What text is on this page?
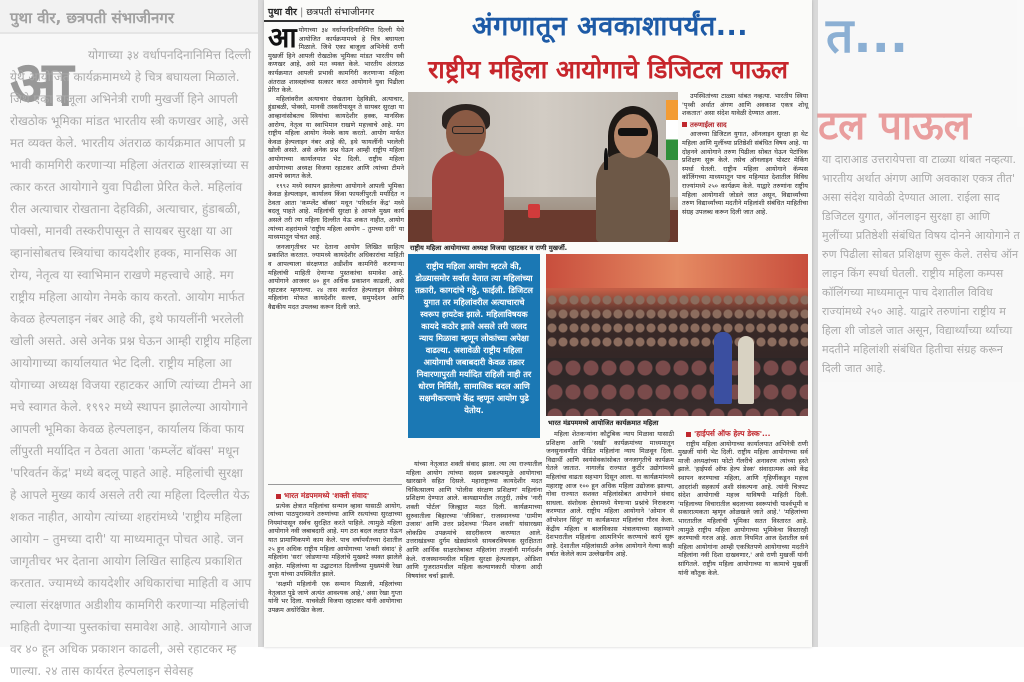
पुथा वीर, छत्रपती संभाजीनगर
आ	योगाच्या ३४ वर्धापनदिनानिमित्त दिल्ली येथे आयोजित कार्यक्रमामध्ये हे चित्र बघायला मिळाले. जिथे एका बाजूला अभिनेत्री राणी मुखर्जी हिने आपली रोखठोक भूमिका मांडत भारतीय स्त्री कणखर आहे, असे मत व्यक्त केले. भारतीय अंतराळ कार्यक्रमात आपली प्रभावी कामगिरी करणाऱ्या महिला अंतराळ शास्त्रज्ञांच्या सत्कार करत आयोगाने युवा पिढीला प्रेरित केले. महिलांवरील अत्याचार रोखताना देहविक्री, अत्याचार, हुंडाबळी, पोक्सो, मानवी तस्करीपासून ते सायबर सुरक्षा या आव्हानांसोबतच स्त्रियांचा कायदेशीर हक्क, मानसिक आरोग्य, नेतृत्व या स्वाभिमान राखणे महत्त्वाचे आहे. मग राष्ट्रीय महिला आयोग नेमके काय करतो. आयोग मार्फत केवळ हेल्पलाइन नंबर आहे की, इथे फायलींनी भरलेली खोली असते. असे अनेक प्रश्न घेऊन आम्ही राष्ट्रीय महिला आयोगाच्या कार्यालयात भेट दिली. राष्ट्रीय महिला आयोगाच्या अध्यक्ष विजया रहाटकर आणि त्यांच्या टीमने आमचे स्वागत केले. १९९२ मध्ये स्थापन झालेल्या आयोगाने आपली भूमिका केवळ हेल्पलाइन, कार्यालय किंवा फायलींपुरती मर्यादित न ठेवता आता 'कम्प्लेंट बॉक्स' मधून 'परिवर्तन केंद्र' मध्ये बदलू पाहते आहे. महिलांची सुरक्षा हे आपले मुख्य कार्य असले तरी त्या महिला दिल्लीत येऊ शकत नाहीत, आयोग त्यांच्या शहरांमध्ये 'राष्ट्रीय महिला आयोग – तुमच्या दारी' या माध्यमातून पोचत आहे. जनजागृतीचर भर देताना आयोग लिखित साहित्य प्रकाशित करतात. ज्यामध्ये कायदेशीर अधिकारांचा माहिती व आपल्याला संरक्षणात अडीशीय कामगिरी करणाऱ्या महिलांची माहिती देणाऱ्या पुस्तकांचा समावेश आहे. आयोगाने आजवर ४० हून अधिक प्रकाशन काढली, असे रहाटकर म्हणाल्या. २४ तास कार्यरत हेल्पलाइन सेवेसह
त...
टल पाऊल
या दाराआड उत्तरायेपत्ता वा टाळ्या थांबत नव्हत्या. भारतीय अर्थात अंगण आणि अवकाश एकत्र तीत' असा संदेश यावेळी देण्यात आला. राईला साद डिजिटल युगात, ऑनलाइन सुरक्षा हा आणि मुलींच्या प्रतिष्ठेशी संबंधित विषय दोनने आयोगाने तरुण पिढीला सोबत प्रशिक्षण सुरू केले. तसेच ऑनलाइन किंग स्पर्धा घेतली. राष्ट्रीय महिला कम्पस कॉलिंगच्या माध्यमातून पाच देशातील विविध राज्यांमध्ये २५० आहे. याद्वारे तरुणांना राष्ट्रीय महिला शी जोडले जात असून, विद्यार्थ्यांच्या र्थ्यांच्या मदतीने महिलांशी संबंधित हितीचा संग्रह करून दिली जात आहे.
पुथा वीर | छत्रपती संभाजीनगर
आयोगाच्या ३४ वर्धापनदिनानिमित्त दिल्ली येथे आयोजित कार्यक्रमामध्ये हे चित्र बघायला मिळाले. जिथे एका बाजूला अभिनेत्री राणी मुखर्जी हिने आपली रोखठोक भूमिका मांडत भारतीय स्त्री कणखर आहे, असे मत व्यक्त केले. भारतीय अंतराळ कार्यक्रमात आपली प्रभावी कामगिरी करणाऱ्या महिला अंतराळ शास्त्रज्ञांच्या सत्कार करत आयोगाने युवा पिढीला प्रेरित केले.

महिलांवरील अत्याचार रोखताना देहविक्री, अत्याचार, हुंडाबळी, पोक्सो, मानवी तस्करीपासून ते सायबर सुरक्षा या आव्हानांसोबतच स्त्रियांचा कायदेशीर हक्क, मानसिक आरोग्य, नेतृत्व या स्वाभिमान राखणे महत्त्वाचे आहे. मग राष्ट्रीय महिला आयोग नेमके काय करतो. आयोग मार्फत केवळ हेल्पलाइन नंबर आहे की, इथे फायलींनी भरलेली खोली असते. असे अनेक प्रश्न घेऊन आम्ही राष्ट्रीय महिला आयोगाच्या कार्यालयात भेट दिली. राष्ट्रीय महिला आयोगाच्या अध्यक्ष विजया रहाटकर आणि त्यांच्या टीमने आमचे स्वागत केले.

१९९२ मध्ये स्थापन झालेल्या आयोगाने आपली भूमिका केवळ हेल्पलाइन, कार्यालय किंवा फायलींपुरती मर्यादित न ठेवता आता 'कम्प्लेंट बॉक्स' मधून 'परिवर्तन केंद्र' मध्ये बदलू पाहते आहे. महिलांची सुरक्षा हे आपले मुख्य कार्य असले तरी त्या महिला दिल्लीत येऊ शकत नाहीत, आयोग त्यांच्या शहरांमध्ये 'राष्ट्रीय महिला आयोग – तुमच्या दारी' या माध्यमातून पोचत आहे.

जनजागृतीचर भर देताना आयोग लिखित साहित्य प्रकाशित करतात. ज्यामध्ये कायदेशीर अधिकारांचा माहिती व आपल्याला संरक्षणात अडीशीय कामगिरी करणाऱ्या महिलांची माहिती देणाऱ्या पुस्तकांचा समावेश आहे. आयोगाने आजवर ४० हून अधिक प्रकाशन काढली, असे रहाटकर म्हणाल्या. २४ तास कार्यरत हेल्पलाइन सेवेसह महिलांना मोफत कायदेशीर सल्ला, समुपदेशन आणि वैद्यकीय मदत उपलब्ध करून दिली जाते.

अंगणातून अवकाशापर्यंत...
राष्ट्रीय महिला आयोगाचे डिजिटल पाऊल
राष्ट्रीय महिला आयोगाच्या अध्यक्ष विजया रहाटकर व राणी मुखर्जी.

उपस्थितांच्या टाळ्या थांबत नव्हत्या. भारतीय स्त्रिया 'पृथ्वी अर्थात अंगण आणि अवकाश एकत्र शोधू शकतात' असा संदेश यावेळी देण्यात आला.

तरुणाईला साद

आजच्या डिजिटल युगात, ऑनलाइन सुरक्षा हा थेट महिला आणि मुलींच्या प्रतिष्ठेशी संबंधित विषय आहे. या दोहनने आयोगाने तरुण पिढीला सोबत घेऊन पेटांत्रिक प्रशिक्षण सुरू केले. तसेच ऑनलाइन पोस्टर मेकिंग स्पर्धा घेतली. राष्ट्रीय महिला आयोगाने कॅम्पस कॉलिंगच्या माध्यमातून पाच महिन्यात देशातील विविध राज्यांमध्ये २५० कार्यक्रम केले. याद्वारे तरुणांना राष्ट्रीय महिला आयोगाशी जोडले जात असून, विद्यार्थ्यांच्या तरुण विद्यार्थ्यांच्या मदतीने महिलांशी संबंधित माहितीचा संग्रह उपलब्ध करून दिली जात आहे.

राष्ट्रीय महिला आयोग म्हटले की, डोळ्यासमोर सर्वात येतात त्या महिलांच्या तक्रारी, कागदांचे गठ्ठे, फाईली. डिजिटल युगात तर महिलांवरील अत्याचाराचे स्वरूप हायटेक झाले. महिलाविषयक कायदे कठोर झाले असले तरी जलद न्याय मिळावा म्हणून लोकांच्या अपेक्षा वाढल्या. अशावेळी राष्ट्रीय महिला आयोगाची जबाबदारी केवळ तक्रार निवारणापुरती मर्यादित राहिली नाही तर धोरण निर्मिती, सामाजिक बदल आणि सक्षमीकरणाचे केंद्र म्हणून आयोग पुढे येतोय.
भारत मंडपममध्ये आयोजित कार्यक्रमात महिला

भारत मंडपममध्ये 'शक्ती संवाद'

प्रत्येक क्षेत्रात महिलांचा सन्मान व्हावा यासाठी आयोग, त्यांच्या पाठपुराव्याने तरुणांच्या आणि रस्त्यांच्या सुरक्षाच्या नियमांपासून सर्वच सुरक्षित करते पाहिले. त्यामुळे महिला आयोगाने नवी जबाबदारी आहे. मग ठरा बदल लक्षात घेऊन यात प्रामाणिकपणे काम केले. पाच वर्षापर्यंतच्या देशातील २५ हून अधिक राष्ट्रीय महिला आयोगाच्या 'शक्ती संवाद' हे महिलांना 'सरा' जोडणाऱ्या महिलांचे मुखवटे व्यक्त झालेले आहेत. महिलांच्या या उद्घाटनात दिल्लीच्या मुख्यमंत्री रेखा गुप्ता यांच्या उपस्थितीत झाले.

'सक्षमी महिलांनी एक सन्मान मिळाली, महिलांच्या नेतृत्वात पुढे जाणे अत्यंत आवश्यक आहे,' असा रेखा गुप्ता यांनी भर दिला. याचवेळी विजया रहाटकर यांनी आयोगाचा उपक्रम अधोरेखित केला.

यांच्या नेतृत्वात शक्ती संवाद झाला. त्या त्या राज्यातील महिला आयोग त्यांच्या सदस्य प्रकल्पामुळे आयोगाचा खारखाने सहित दिसले. महाराष्ट्राच्या कायदेशीर मदत चिकित्सालय आणि 'पोलीस संरक्षण प्रशिक्षण' महिलांना प्रशिक्षण देण्यात आले. कायद्यामधील तरतुदी, तसेच 'नारी शक्ती पोर्टल' जिल्ह्यात मदत दिली. कार्यक्रमाच्या सुरुवातीला बिहारच्या 'जीविका', राजस्थानच्या 'ग्रामीण उजास' आणि उत्तर प्रदेशच्या 'मिशन शक्ती' यांसारख्या लोकप्रिय उपक्रमांचे सादरीकरण करण्यात आले. उत्तराखंडच्या दुर्गम खेड्यांमध्ये सायबरविषयक सुरक्षितता आणि आर्थिक साक्षरतेबाबत महिलांना तज्ज्ञांनी मार्गदर्शन केले. राजस्थानमधील महिला सुरक्षा हेल्पलाइन, ओडिशा आणि गुजरातमधील महिला कल्याणकारी योजना आदी विषयांवर चर्चा झाली.

महिला शेतकऱ्यांना कौटुंबिक न्याय मिळावा यासाठी प्रशिक्षण आणि 'सखी' कार्यक्रमांच्या माध्यमातून जनसुनावणीत पीडित महिलांना न्याय मिळवून दिला. विद्यार्थी आणि स्वयंसेवकांसोबत जनजागृतीचे कार्यक्रम घेतले जातात. नागालँड राज्यात कुटीर उद्योगांमध्ये महिलांचा वाढता सहभाग दिसून आला. या कार्यक्रमांमध्ये महाराष्ट्र आज १०० हून अधिक महिला उद्योजक झाल्या, गोवा राज्यात सशक्त महिलांसोबत आयोगाने संवाद साधला. संशोधक क्षेत्रामध्ये येणाऱ्या प्रश्नांचे निराकरण करण्यात आले. राष्ट्रीय महिला आयोगाने 'ओमान से ऑपरेशन सिंदूर' या कार्यक्रमात महिलांचा गौरव केला. केंद्रीय महिला व बालविकास मंत्रालयाच्या सहाय्याने देशभरातील महिलांना आत्मनिर्भर करण्याचे कार्य सुरू आहे. देशातील महिलांसाठी अनेक आयोगाने गेल्या काही वर्षात केलेले काम उल्लेखनीय आहे.

'हाईपर्स ऑफ हेल्प डेस्क'...

राष्ट्रीय महिला आयोगाच्या कार्यालयात अभिनेत्री राणी मुखर्जी यांनी भेट दिली. राष्ट्रीय महिला आयोगाच्या सर्व माजी अध्यक्षांच्या फोटो गॅलरीचे अनावरण त्यांच्या हस्ते झाले. 'हाईपर्स ऑफ हेल्प डेस्क' संवादात्मक असे केंद्र स्थापन करण्याचा महिला, आणि गृहिणींकडून महत्त्व आदरांशी सहकार्य अशी संकल्पना आहे. त्यांनी चित्रपट संदेश आयोगाची महत्त्व याविषयी माहिती दिली. 'महिलाच्या विचारातील बदलाच्या स्वरूपांची पार्श्वभूमी व सकारात्मकता म्हणून ओळखले जाते आहे.' 'महिलांच्या भारतातील महिलांची भूमिका सतत विस्तारत आहे. त्यामुळे राष्ट्रीय महिला आयोगाच्या भूमिकेचा विस्तारही करण्याची गरज आहे. आता नियमित आज देशातील सर्व महिला आयोगांना आम्ही एकत्रितपणे आयोगाच्या मदतीने महिलांना नवी दिशा दाखवणार,' असे राणी मुखर्जी यांनी सांगितले. राष्ट्रीय महिला आयोगाच्या या कामाचे मुखर्जी यांनी कौतुक केले.
